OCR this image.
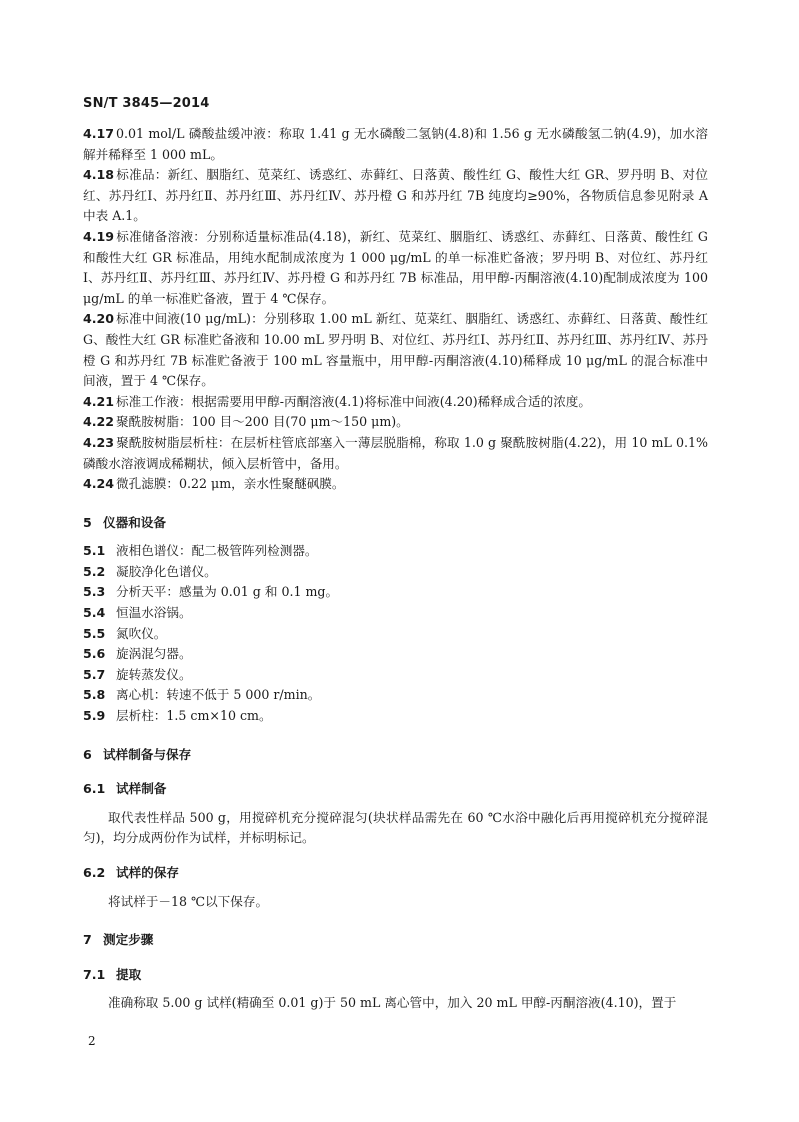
SN/T 3845—2014

4.17 0.01 mol/L 磷酸盐缓冲液：称取 1.41 g 无水磷酸二氢钠(4.8)和 1.56 g 无水磷酸氢二钠(4.9)，加水溶解并稀释至 1 000 mL。

4.18 标准品：新红、胭脂红、苋菜红、诱惑红、赤藓红、日落黄、酸性红 G、酸性大红 GR、罗丹明 B、对位红、苏丹红Ⅰ、苏丹红Ⅱ、苏丹红Ⅲ、苏丹红Ⅳ、苏丹橙 G 和苏丹红 7B 纯度均≥90%，各物质信息参见附录 A 中表 A.1。

4.19 标准储备溶液：分别称适量标准品(4.18)，新红、苋菜红、胭脂红、诱惑红、赤藓红、日落黄、酸性红 G 和酸性大红 GR 标准品，用纯水配制成浓度为 1 000 μg/mL 的单一标准贮备液；罗丹明 B、对位红、苏丹红Ⅰ、苏丹红Ⅱ、苏丹红Ⅲ、苏丹红Ⅳ、苏丹橙 G 和苏丹红 7B 标准品，用甲醇-丙酮溶液(4.10)配制成浓度为 100 μg/mL 的单一标准贮备液，置于 4 ℃保存。

4.20 标准中间液(10 μg/mL)：分别移取 1.00 mL 新红、苋菜红、胭脂红、诱惑红、赤藓红、日落黄、酸性红 G、酸性大红 GR 标准贮备液和 10.00 mL 罗丹明 B、对位红、苏丹红Ⅰ、苏丹红Ⅱ、苏丹红Ⅲ、苏丹红Ⅳ、苏丹橙 G 和苏丹红 7B 标准贮备液于 100 mL 容量瓶中，用甲醇-丙酮溶液(4.10)稀释成 10 μg/mL 的混合标准中间液，置于 4 ℃保存。

4.21 标准工作液：根据需要用甲醇-丙酮溶液(4.1)将标准中间液(4.20)稀释成合适的浓度。

4.22 聚酰胺树脂：100 目～200 目(70 μm～150 μm)。

4.23 聚酰胺树脂层析柱：在层析柱管底部塞入一薄层脱脂棉，称取 1.0 g 聚酰胺树脂(4.22)，用 10 mL 0.1%磷酸水溶液调成稀糊状，倾入层析管中，备用。

4.24 微孔滤膜：0.22 μm，亲水性聚醚砜膜。

5 仪器和设备

5.1 液相色谱仪：配二极管阵列检测器。

5.2 凝胶净化色谱仪。

5.3 分析天平：感量为 0.01 g 和 0.1 mg。

5.4 恒温水浴锅。

5.5 氮吹仪。

5.6 旋涡混匀器。

5.7 旋转蒸发仪。

5.8 离心机：转速不低于 5 000 r/min。

5.9 层析柱：1.5 cm×10 cm。

6 试样制备与保存

6.1 试样制备

取代表性样品 500 g，用搅碎机充分搅碎混匀(块状样品需先在 60 ℃水浴中融化后再用搅碎机充分搅碎混匀)，均分成两份作为试样，并标明标记。

6.2 试样的保存

将试样于－18 ℃以下保存。

7 测定步骤

7.1 提取

准确称取 5.00 g 试样(精确至 0.01 g)于 50 mL 离心管中，加入 20 mL 甲醇-丙酮溶液(4.10)，置于

2
